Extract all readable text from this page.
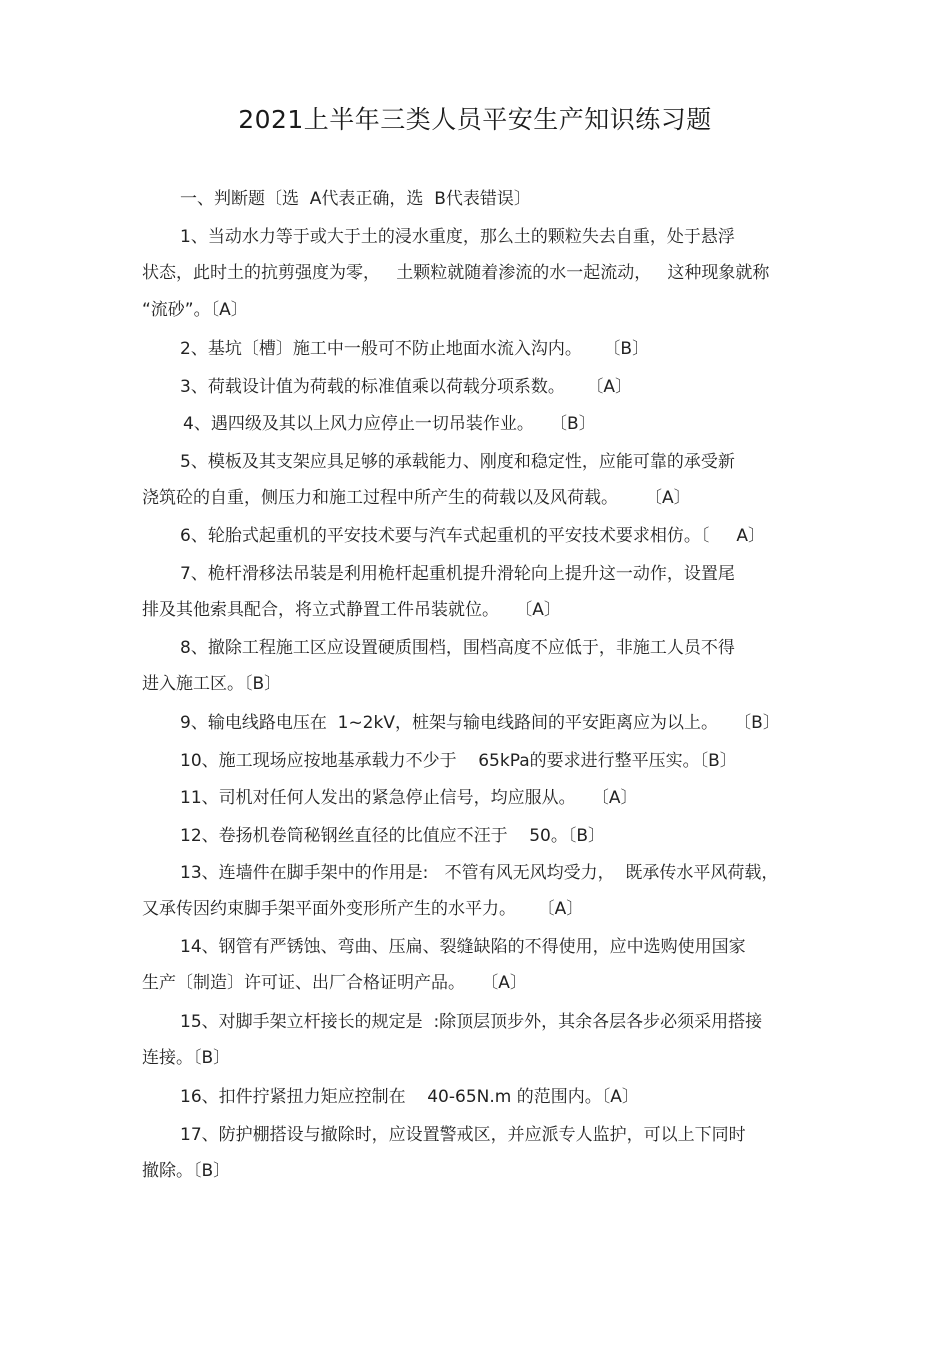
2021上半年三类人员平安生产知识练习题
一、判断题〔选  A代表正确，选  B代表错误〕
1、当动水力等于或大于土的浸水重度，那么土的颗粒失去自重，处于悬浮
状态，此时土的抗剪强度为零，   土颗粒就随着渗流的水一起流动，   这种现象就称
“流砂”。〔A〕
2、基坑〔槽〕施工中一般可不防止地面水流入沟内。    〔B〕
3、荷载设计值为荷载的标准值乘以荷载分项系数。    〔A〕
4、遇四级及其以上风力应停止一切吊装作业。   〔B〕
5、模板及其支架应具足够的承载能力、刚度和稳定性，应能可靠的承受新
浇筑砼的自重，侧压力和施工过程中所产生的荷载以及风荷载。     〔A〕
6、轮胎式起重机的平安技术要与汽车式起重机的平安技术要求相仿。〔     A〕
7、桅杆滑移法吊装是利用桅杆起重机提升滑轮向上提升这一动作，设置尾
排及其他索具配合，将立式静置工件吊装就位。   〔A〕
8、撤除工程施工区应设置硬质围档，围档高度不应低于，非施工人员不得
进入施工区。〔B〕
9、输电线路电压在  1~2kV，桩架与输电线路间的平安距离应为以上。   〔B〕
10、施工现场应按地基承载力不少于    65kPa的要求进行整平压实。〔B〕
11、司机对任何人发出的紧急停止信号，均应服从。   〔A〕
12、卷扬机卷筒秘钢丝直径的比值应不汪于    50。〔B〕
13、连墙件在脚手架中的作用是:   不管有风无风均受力，  既承传水平风荷载，
又承传因约束脚手架平面外变形所产生的水平力。    〔A〕
14、钢管有严锈蚀、弯曲、压扁、裂缝缺陷的不得使用，应中选购使用国家
生产〔制造〕许可证、出厂合格证明产品。   〔A〕
15、对脚手架立杆接长的规定是  :除顶层顶步外，其余各层各步必须采用搭接
连接。〔B〕
16、扣件拧紧扭力矩应控制在    40-65N.m 的范围内。〔A〕
17、防护棚搭设与撤除时，应设置警戒区，并应派专人监护，可以上下同时
撤除。〔B〕
